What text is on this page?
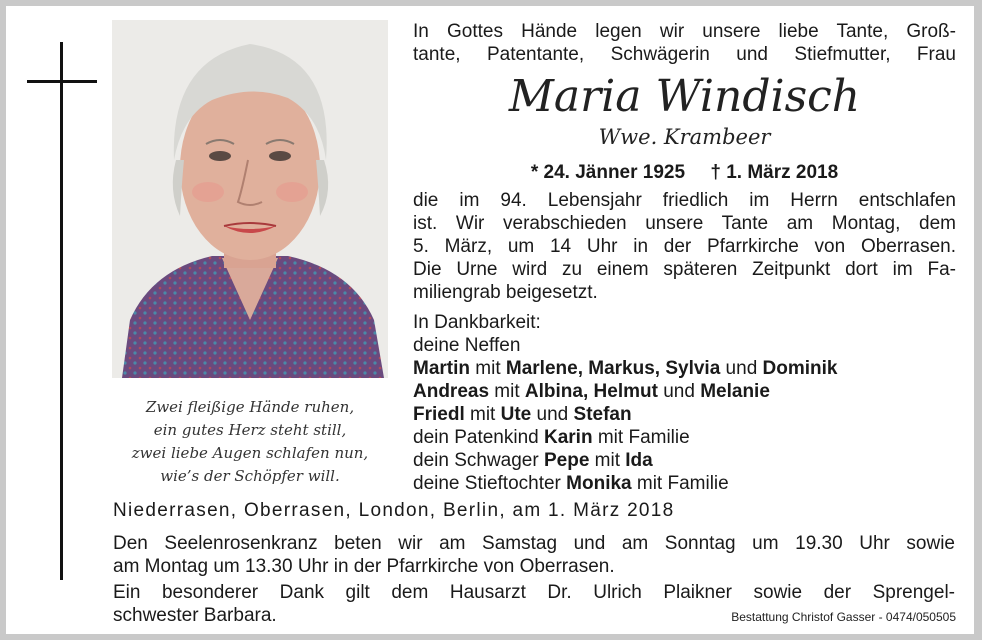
Zwei fleißige Hände ruhen,
ein gutes Herz steht still,
zwei liebe Augen schlafen nun,
wie’s der Schöpfer will.
In Gottes Hände legen wir unsere liebe Tante, Groß-
tante, Patentante, Schwägerin und Stiefmutter, Frau
Maria Windisch
Wwe. Krambeer
* 24. Jänner 1925 † 1. März 2018
die im 94. Lebensjahr friedlich im Herrn entschlafen
ist. Wir verabschieden unsere Tante am Montag, dem
5. März, um 14 Uhr in der Pfarrkirche von Oberrasen.
Die Urne wird zu einem späteren Zeitpunkt dort im Fa-
miliengrab beigesetzt.
In Dankbarkeit:
deine Neffen
Martin mit Marlene, Markus, Sylvia und Dominik
Andreas mit Albina, Helmut und Melanie
Friedl mit Ute und Stefan
dein Patenkind Karin mit Familie
dein Schwager Pepe mit Ida
deine Stieftochter Monika mit Familie
Niederrasen, Oberrasen, London, Berlin, am 1. März 2018
Den Seelenrosenkranz beten wir am Samstag und am Sonntag um 19.30 Uhr sowie
am Montag um 13.30 Uhr in der Pfarrkirche von Oberrasen.
Ein besonderer Dank gilt dem Hausarzt Dr. Ulrich Plaikner sowie der Sprengel-
schwester Barbara.	Bestattung Christof Gasser - 0474/050505
